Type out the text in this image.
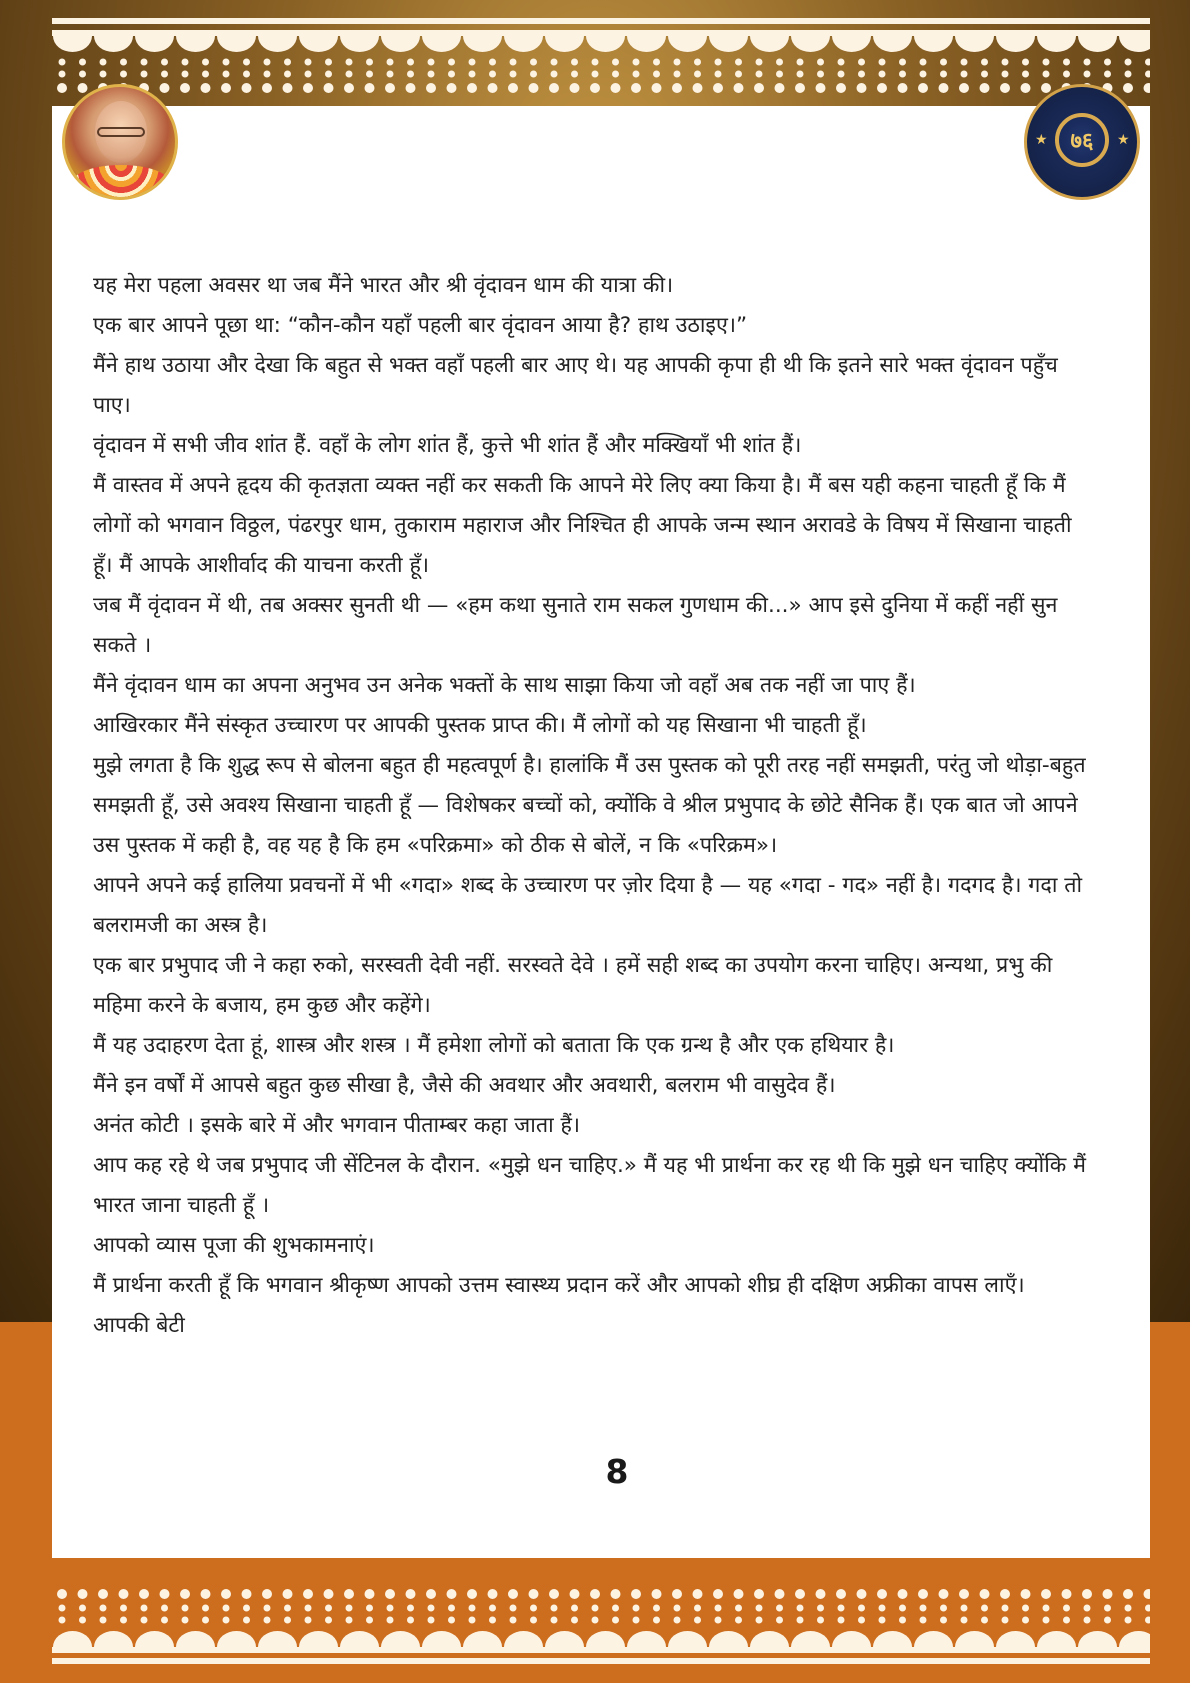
७६
★	★

यह मेरा पहला अवसर था जब मैंने भारत और श्री वृंदावन धाम की यात्रा की।

एक बार आपने पूछा था: “कौन-कौन यहाँ पहली बार वृंदावन आया है? हाथ उठाइए।”

मैंने हाथ उठाया और देखा कि बहुत से भक्त वहाँ पहली बार आए थे। यह आपकी कृपा ही थी कि इतने सारे भक्त वृंदावन पहुँच पाए।

वृंदावन में सभी जीव शांत हैं. वहाँ के लोग शांत हैं, कुत्ते भी शांत हैं और मक्खियाँ भी शांत हैं।

मैं वास्तव में अपने हृदय की कृतज्ञता व्यक्त नहीं कर सकती कि आपने मेरे लिए क्या किया है। मैं बस यही कहना चाहती हूँ कि मैं लोगों को भगवान विठ्ठल, पंढरपुर धाम, तुकाराम महाराज और निश्चित ही आपके जन्म स्थान अरावडे के विषय में सिखाना चाहती हूँ। मैं आपके आशीर्वाद की याचना करती हूँ।

जब मैं वृंदावन में थी, तब अक्सर सुनती थी — «हम कथा सुनाते राम सकल गुणधाम की...» आप इसे दुनिया में कहीं नहीं सुन सकते ।

मैंने वृंदावन धाम का अपना अनुभव उन अनेक भक्तों के साथ साझा किया जो वहाँ अब तक नहीं जा पाए हैं।

आखिरकार मैंने संस्कृत उच्चारण पर आपकी पुस्तक प्राप्त की। मैं लोगों को यह सिखाना भी चाहती हूँ।

मुझे लगता है कि शुद्ध रूप से बोलना बहुत ही महत्वपूर्ण है। हालांकि मैं उस पुस्तक को पूरी तरह नहीं समझती, परंतु जो थोड़ा-बहुत समझती हूँ, उसे अवश्य सिखाना चाहती हूँ — विशेषकर बच्चों को, क्योंकि वे श्रील प्रभुपाद के छोटे सैनिक हैं। एक बात जो आपने उस पुस्तक में कही है, वह यह है कि हम «परिक्रमा» को ठीक से बोलें, न कि «परिक्रम»।

आपने अपने कई हालिया प्रवचनों में भी «गदा» शब्द के उच्चारण पर ज़ोर दिया है — यह «गदा - गद» नहीं है। गदगद है। गदा तो बलरामजी का अस्त्र है।

एक बार प्रभुपाद जी ने कहा रुको, सरस्वती देवी नहीं. सरस्वते देवे । हमें सही शब्द का उपयोग करना चाहिए। अन्यथा, प्रभु की महिमा करने के बजाय, हम कुछ और कहेंगे।

मैं यह उदाहरण देता हूं, शास्त्र और शस्त्र । मैं हमेशा लोगों को बताता कि एक ग्रन्थ है और एक हथियार है।

मैंने इन वर्षों में आपसे बहुत कुछ सीखा है, जैसे की अवथार और अवथारी, बलराम भी वासुदेव हैं।

अनंत कोटी । इसके बारे में और भगवान पीताम्बर कहा जाता हैं।

आप कह रहे थे जब प्रभुपाद जी सेंटिनल के दौरान. «मुझे धन चाहिए.» मैं यह भी प्रार्थना कर रह थी कि मुझे धन चाहिए क्योंकि मैं भारत जाना चाहती हूँ ।

आपको व्यास पूजा की शुभकामनाएं।

मैं प्रार्थना करती हूँ कि भगवान श्रीकृष्ण आपको उत्तम स्वास्थ्य प्रदान करें और आपको शीघ्र ही दक्षिण अफ्रीका वापस लाएँ।

आपकी बेटी

8
